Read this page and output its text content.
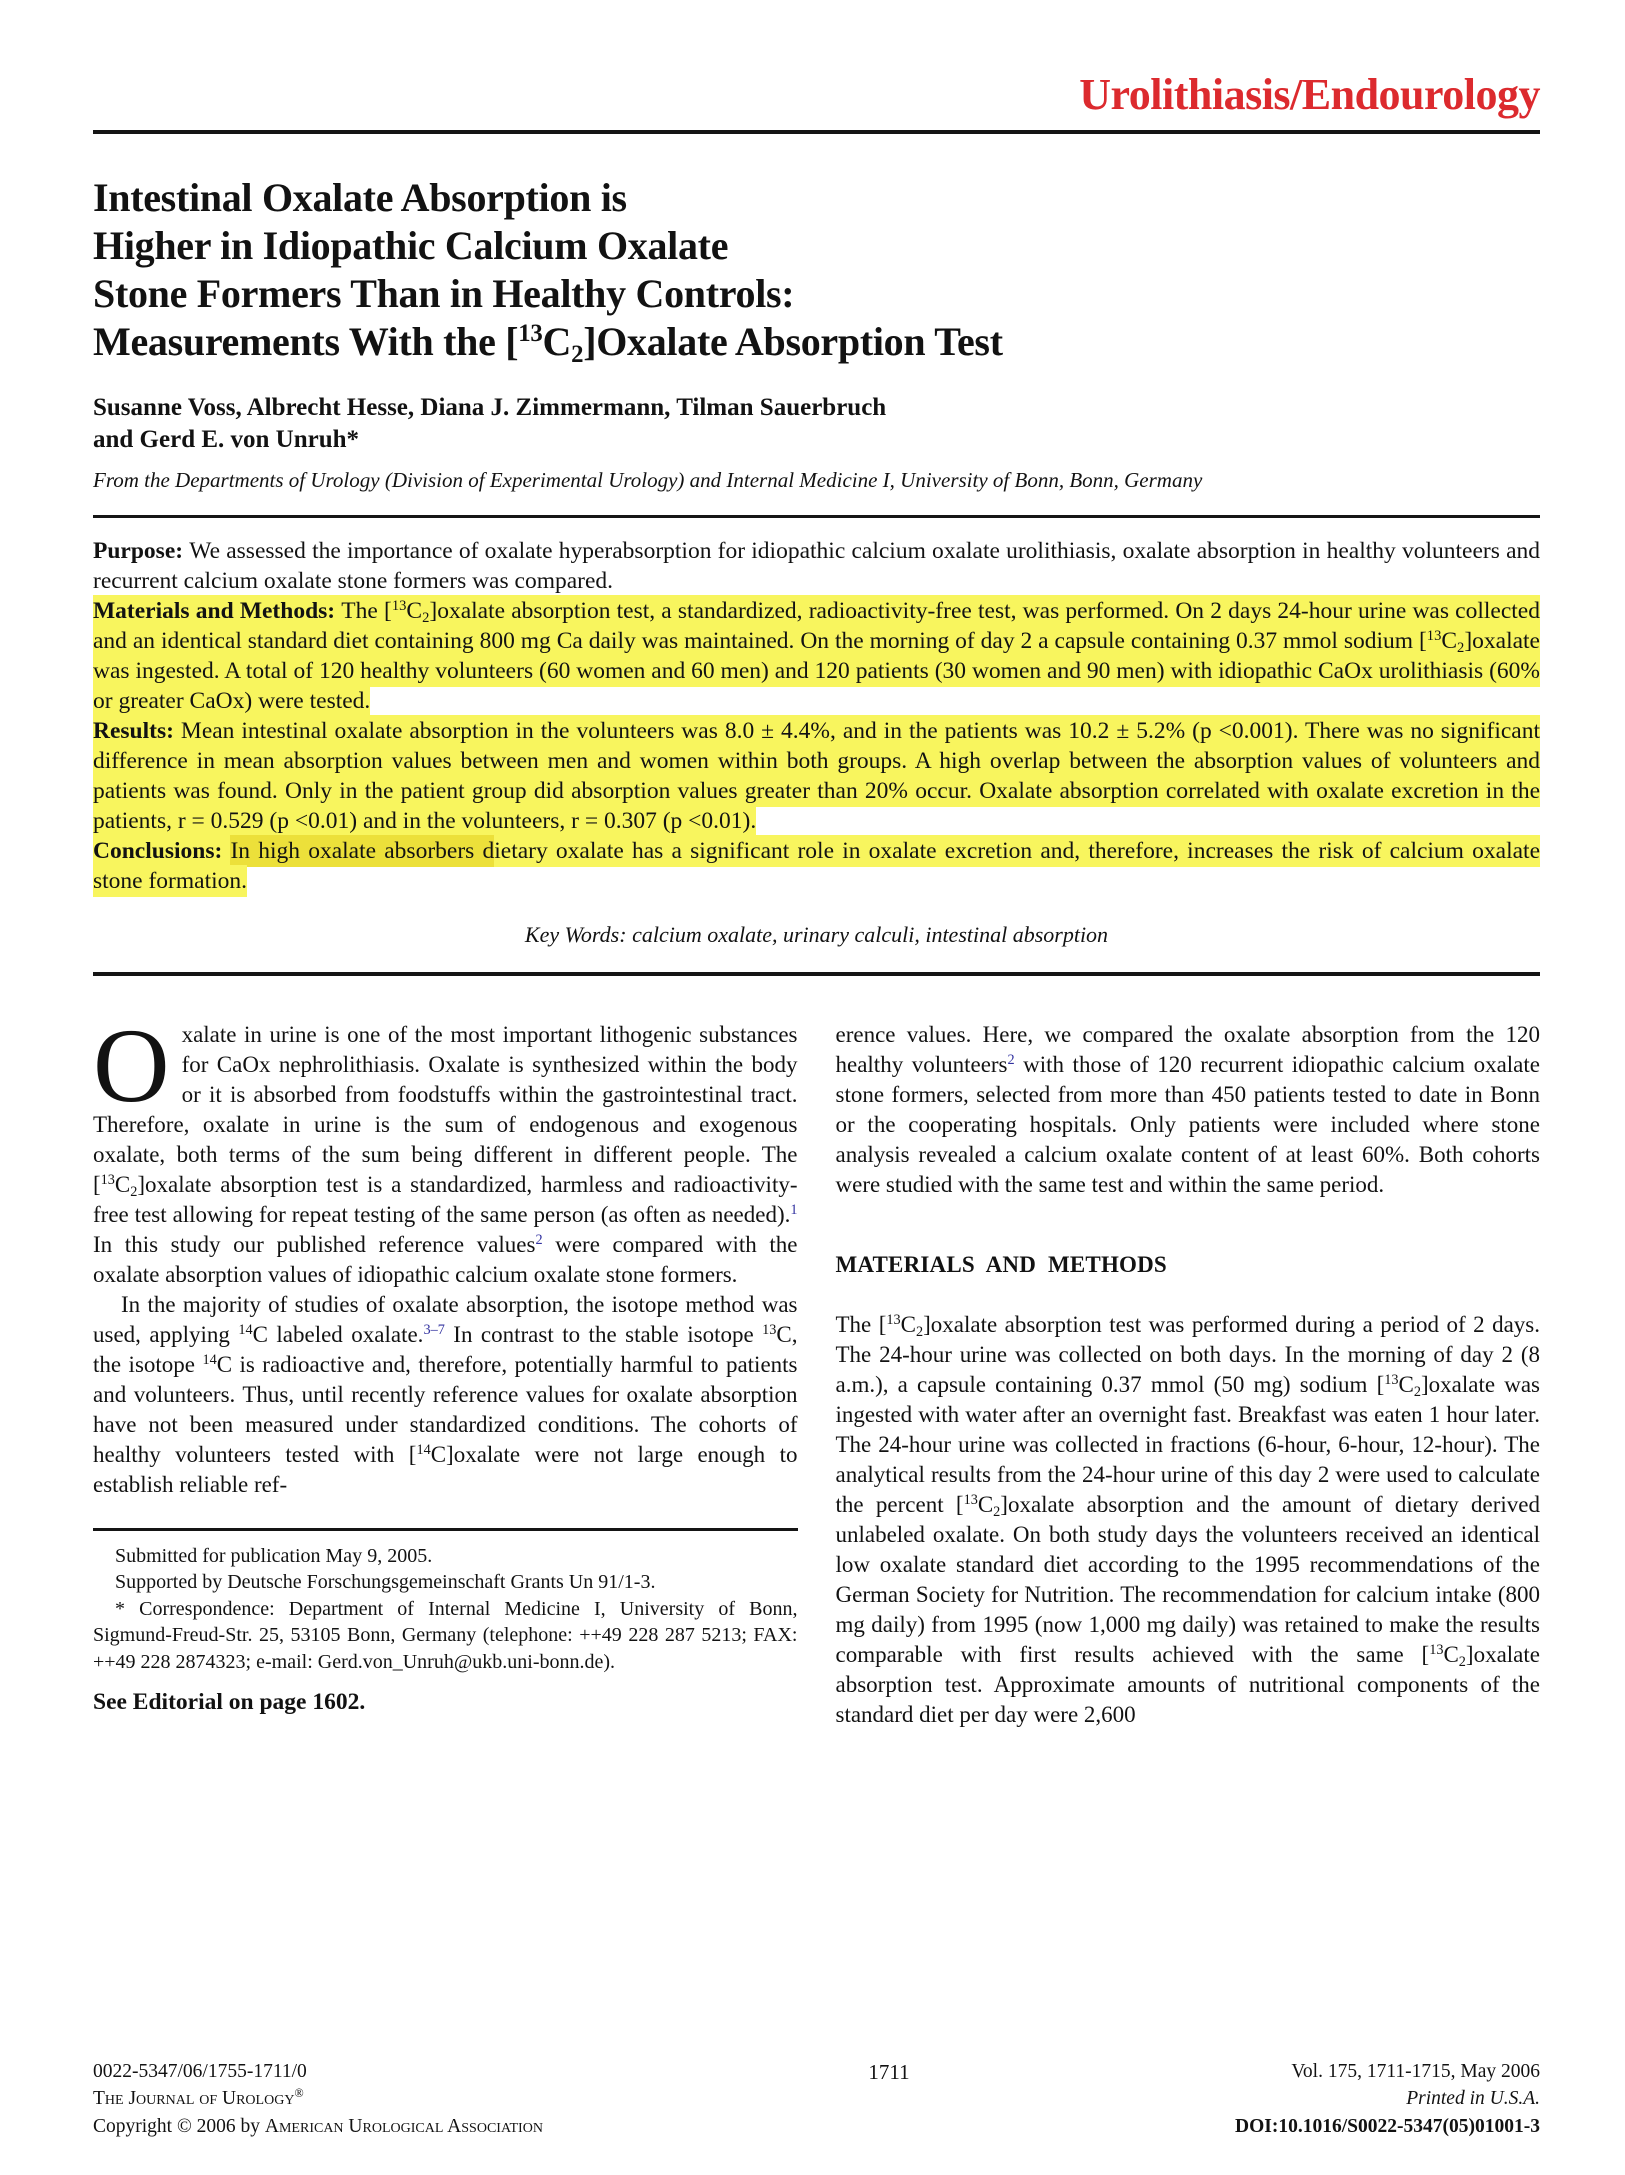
Urolithiasis/Endourology
Intestinal Oxalate Absorption is
Higher in Idiopathic Calcium Oxalate
Stone Formers Than in Healthy Controls:
Measurements With the $[^{13}C_2]Oxalate$ Absorption Test
Susanne Voss, Albrecht Hesse, Diana J. Zimmermann, Tilman Sauerbruch
and Gerd E. von Unruh*
From the Departments of Urology (Division of Experimental Urology) and Internal Medicine I, University of Bonn, Bonn, Germany

Purpose: We assessed the importance of oxalate hyperabsorption for idiopathic calcium oxalate urolithiasis, oxalate absorption in healthy volunteers and recurrent calcium oxalate stone formers was compared.

Materials and Methods: The $[^{13}C_2]oxalate$ absorption test, a standardized, radioactivity-free test, was performed. On 2 days 24-hour urine was collected and an identical standard diet containing 800 mg Ca daily was maintained. On the morning of day 2 a capsule containing 0.37 mmol sodium $[^{13}C_2]oxalate$ was ingested. A total of 120 healthy volunteers (60 women and 60 men) and 120 patients (30 women and 90 men) with idiopathic CaOx urolithiasis (60% or greater CaOx) were tested.

Results: Mean intestinal oxalate absorption in the volunteers was 8.0 ± 4.4%, and in the patients was 10.2 ± 5.2% (p <0.001). There was no significant difference in mean absorption values between men and women within both groups. A high overlap between the absorption values of volunteers and patients was found. Only in the patient group did absorption values greater than 20% occur. Oxalate absorption correlated with oxalate excretion in the patients, r = 0.529 (p <0.01) and in the volunteers, r = 0.307 (p <0.01).

Conclusions: In high oxalate absorbers dietary oxalate has a significant role in oxalate excretion and, therefore, increases the risk of calcium oxalate stone formation.

Key Words: calcium oxalate, urinary calculi, intestinal absorption

O xalate in urine is one of the most important lithogenic substances for CaOx nephrolithiasis. Oxalate is synthesized within the body or it is absorbed from foodstuffs within the gastrointestinal tract. Therefore, oxalate in urine is the sum of endogenous and exogenous oxalate, both terms of the sum being different in different people. The $[^{13}C_2]oxalate$ absorption test is a standardized, harmless and radioactivity-free test allowing for repeat testing of the same person (as often as needed).$^1$ In this study our published reference values$^2$ were compared with the oxalate absorption values of idiopathic calcium oxalate stone formers.

In the majority of studies of oxalate absorption, the isotope method was used, applying $^{14}$C labeled oxalate.$^{3-7}$ In contrast to the stable isotope $^{13}$C, the isotope $^{14}$C is radioactive and, therefore, potentially harmful to patients and volunteers. Thus, until recently reference values for oxalate absorption have not been measured under standardized conditions. The cohorts of healthy volunteers tested with [$^{14}$C]oxalate were not large enough to establish reliable ref-

Submitted for publication May 9, 2005.

Supported by Deutsche Forschungsgemeinschaft Grants Un 91/1-3.

* Correspondence: Department of Internal Medicine I, University of Bonn, Sigmund-Freud-Str. 25, 53105 Bonn, Germany (telephone: ++49 228 287 5213; FAX: ++49 228 2874323; e-mail: Gerd.von_Unruh@ukb.uni-bonn.de).

See Editorial on page 1602.

erence values. Here, we compared the oxalate absorption from the 120 healthy volunteers$^2$ with those of 120 recurrent idiopathic calcium oxalate stone formers, selected from more than 450 patients tested to date in Bonn or the cooperating hospitals. Only patients were included where stone analysis revealed a calcium oxalate content of at least 60%. Both cohorts were studied with the same test and within the same period.

MATERIALS AND METHODS

The $[^{13}C_2]oxalate$ absorption test was performed during a period of 2 days. The 24-hour urine was collected on both days. In the morning of day 2 (8 a.m.), a capsule containing 0.37 mmol (50 mg) sodium $[^{13}C_2]oxalate$ was ingested with water after an overnight fast. Breakfast was eaten 1 hour later. The 24-hour urine was collected in fractions (6-hour, 6-hour, 12-hour). The analytical results from the 24-hour urine of this day 2 were used to calculate the percent $[^{13}C_2]oxalate$ absorption and the amount of dietary derived unlabeled oxalate. On both study days the volunteers received an identical low oxalate standard diet according to the 1995 recommendations of the German Society for Nutrition. The recommendation for calcium intake (800 mg daily) from 1995 (now 1,000 mg daily) was retained to make the results comparable with first results achieved with the same $[^{13}C_2]oxalate$ absorption test. Approximate amounts of nutritional components of the standard diet per day were 2,600

0022-5347/06/1755-1711/0
The Journal of Urology®
Copyright © 2006 by American Urological Association
1711	Vol. 175, 1711-1715, May 2006
Printed in U.S.A.
DOI:10.1016/S0022-5347(05)01001-3
